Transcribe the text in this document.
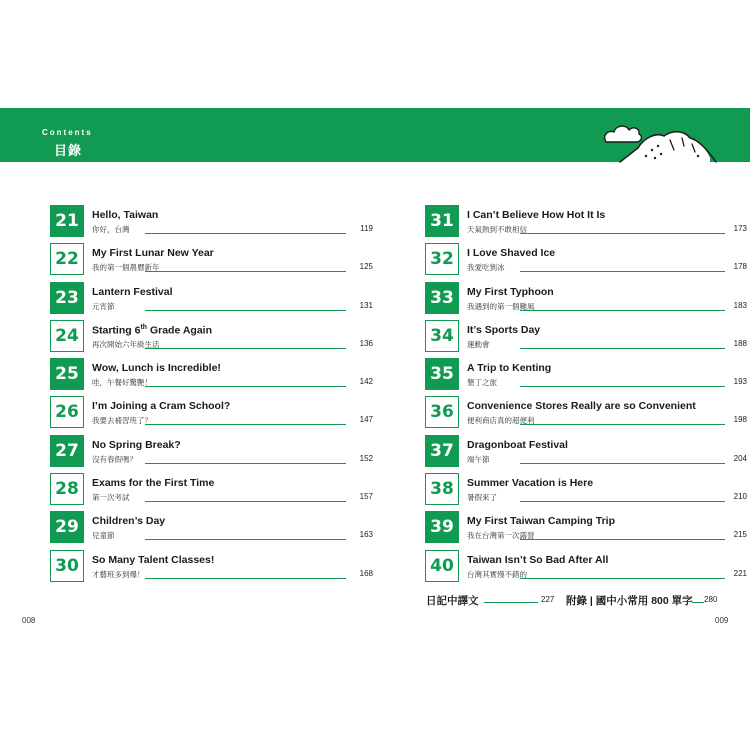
Contents
目錄
21	Hello, Taiwan
你好，台灣	119
22	My First Lunar New Year
我的第一個農曆新年	125
23	Lantern Festival
元宵節	131
24	Starting 6th Grade Again
再次開始六年級生活	136
25	Wow, Lunch is Incredible!
哇，午餐好驚艷！	142
26	I’m Joining a Cram School?
我要去補習班了？	147
27	No Spring Break?
沒有春假嗎？	152
28	Exams for the First Time
第一次考試	157
29	Children’s Day
兒童節	163
30	So Many Talent Classes!
才藝班多到爆！	168
31	I Can’t Believe How Hot It Is
天氣熱到不敢相信	173
32	I Love Shaved Ice
我愛吃剉冰	178
33	My First Typhoon
我遇到的第一個颱風	183
34	It’s Sports Day
運動會	188
35	A Trip to Kenting
墾丁之旅	193
36	Convenience Stores Really are so Convenient
便利商店真的超便利	198
37	Dragonboat Festival
端午節	204
38	Summer Vacation is Here
暑假來了	210
39	My First Taiwan Camping Trip
我在台灣第一次露營	215
40	Taiwan Isn’t So Bad After All
台灣其實慢不錯的	221
日記中譯文	227 附錄 | 國中小常用 800 單字 280
008	009
